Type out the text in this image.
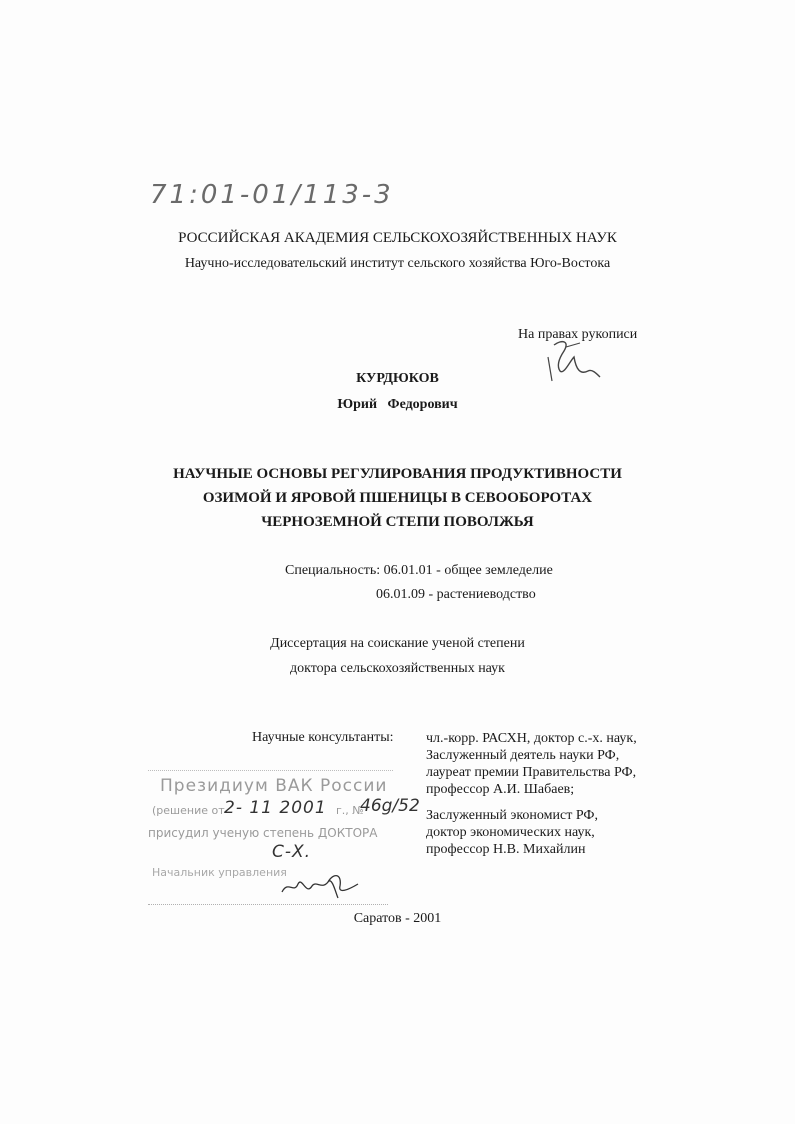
71:01-01/113-3
РОССИЙСКАЯ АКАДЕМИЯ СЕЛЬСКОХОЗЯЙСТВЕННЫХ НАУК
Научно-исследовательский институт сельского хозяйства Юго-Востока
На правах рукописи
КУРДЮКОВ
Юрий   Федорович
НАУЧНЫЕ ОСНОВЫ РЕГУЛИРОВАНИЯ ПРОДУКТИВНОСТИ
ОЗИМОЙ И ЯРОВОЙ ПШЕНИЦЫ В СЕВООБОРОТАХ
ЧЕРНОЗЕМНОЙ СТЕПИ ПОВОЛЖЬЯ
Специальность: 06.01.01 - общее земледелие
06.01.09 - растениеводство
Диссертация на соискание ученой степени
доктора сельскохозяйственных наук
Научные консультанты: чл.-корр. РАСХН, доктор с.-х. наук,
Заслуженный деятель науки РФ,
лауреат премии Правительства РФ,
профессор А.И. Шабаев;
Заслуженный экономист РФ,
доктор экономических наук,
профессор Н.В. Михайлин
Президиум ВАК России
(решение от 2- 11 2001 г., №
46g/52
присудил ученую степень ДОКТОРА
С-Х.
Начальник управления
Саратов - 2001
